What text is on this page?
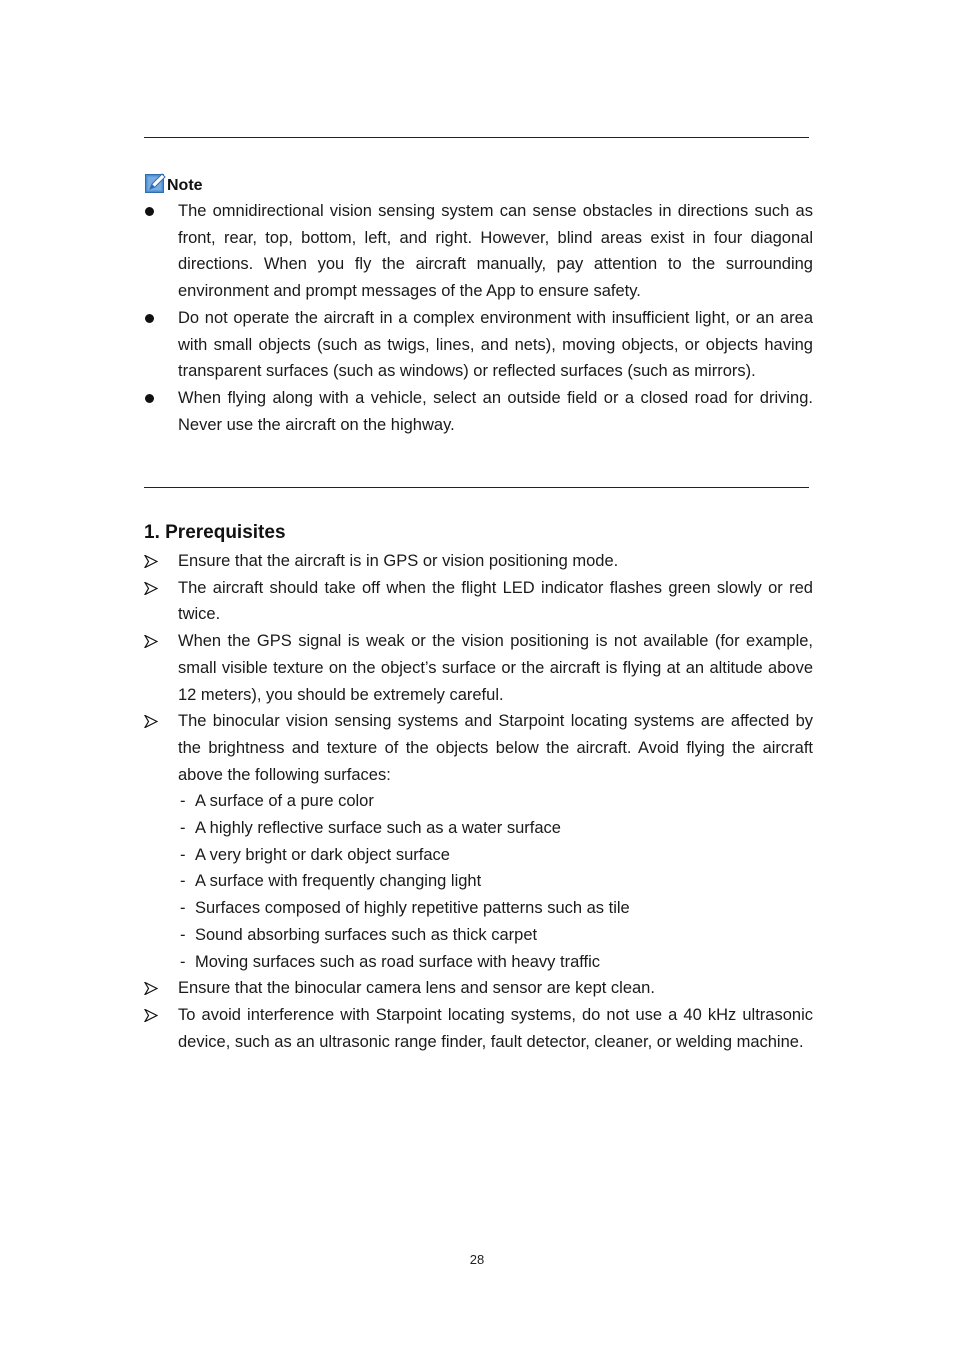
Note
The omnidirectional vision sensing system can sense obstacles in directions such as front, rear, top, bottom, left, and right. However, blind areas exist in four diagonal directions. When you fly the aircraft manually, pay attention to the surrounding environment and prompt messages of the App to ensure safety.
Do not operate the aircraft in a complex environment with insufficient light, or an area with small objects (such as twigs, lines, and nets), moving objects, or objects having transparent surfaces (such as windows) or reflected surfaces (such as mirrors).
When flying along with a vehicle, select an outside field or a closed road for driving. Never use the aircraft on the highway.
1. Prerequisites
Ensure that the aircraft is in GPS or vision positioning mode.
The aircraft should take off when the flight LED indicator flashes green slowly or red twice.
When the GPS signal is weak or the vision positioning is not available (for example, small visible texture on the object’s surface or the aircraft is flying at an altitude above 12 meters), you should be extremely careful.
The binocular vision sensing systems and Starpoint locating systems are affected by the brightness and texture of the objects below the aircraft. Avoid flying the aircraft above the following surfaces:
- A surface of a pure color
- A highly reflective surface such as a water surface
- A very bright or dark object surface
- A surface with frequently changing light
- Surfaces composed of highly repetitive patterns such as tile
- Sound absorbing surfaces such as thick carpet
- Moving surfaces such as road surface with heavy traffic
Ensure that the binocular camera lens and sensor are kept clean.
To avoid interference with Starpoint locating systems, do not use a 40 kHz ultrasonic device, such as an ultrasonic range finder, fault detector, cleaner, or welding machine.
28
